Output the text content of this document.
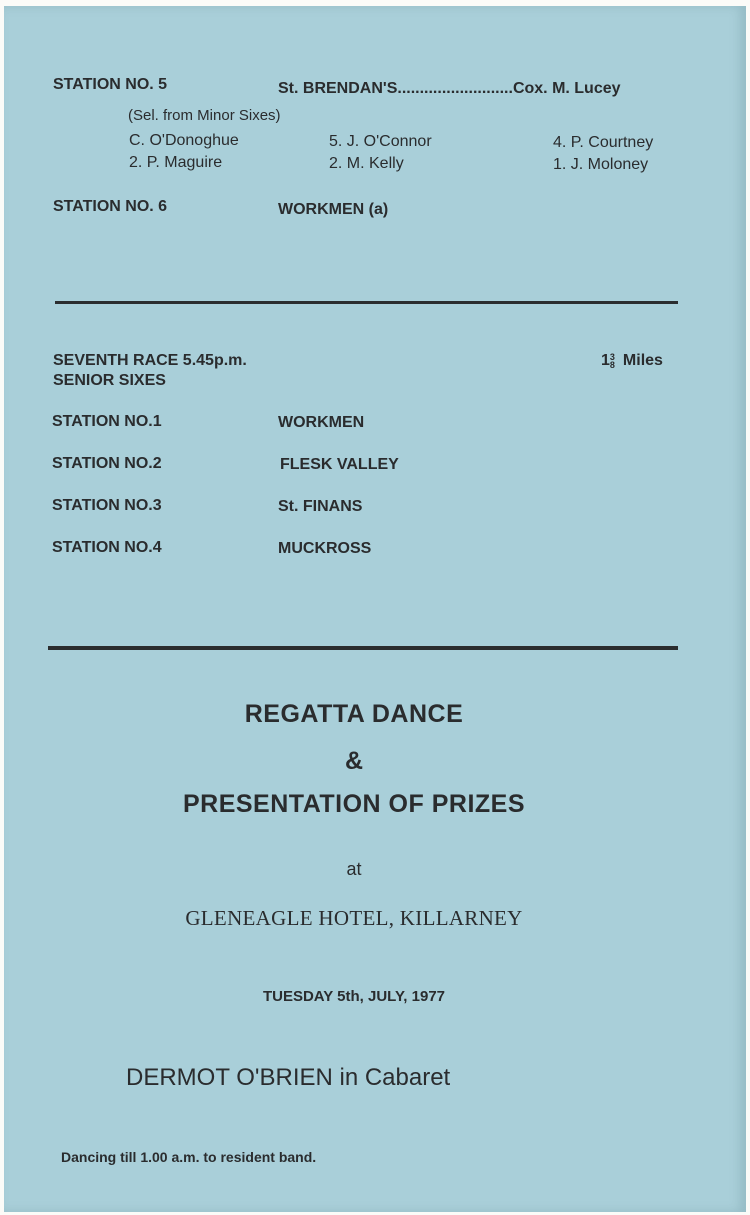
STATION NO. 5	St. BRENDAN'S..........................Cox. M. Lucey
(Sel. from Minor Sixes)
C. O'Donoghue	5. J. O'Connor	4. P. Courtney
2. P. Maguire	2. M. Kelly	1. J. Moloney
STATION NO. 6	WORKMEN (a)
SEVENTH RACE 5.45p.m.
SENIOR SIXES
1 3
8 Miles
STATION NO.1	WORKMEN
STATION NO.2	FLESK VALLEY
STATION NO.3	St. FINANS
STATION NO.4	MUCKROSS
REGATTA DANCE
&
PRESENTATION OF PRIZES
at
GLENEAGLE HOTEL, KILLARNEY
TUESDAY 5th, JULY, 1977
DERMOT O'BRIEN in Cabaret
Dancing till 1.00 a.m. to resident band.
